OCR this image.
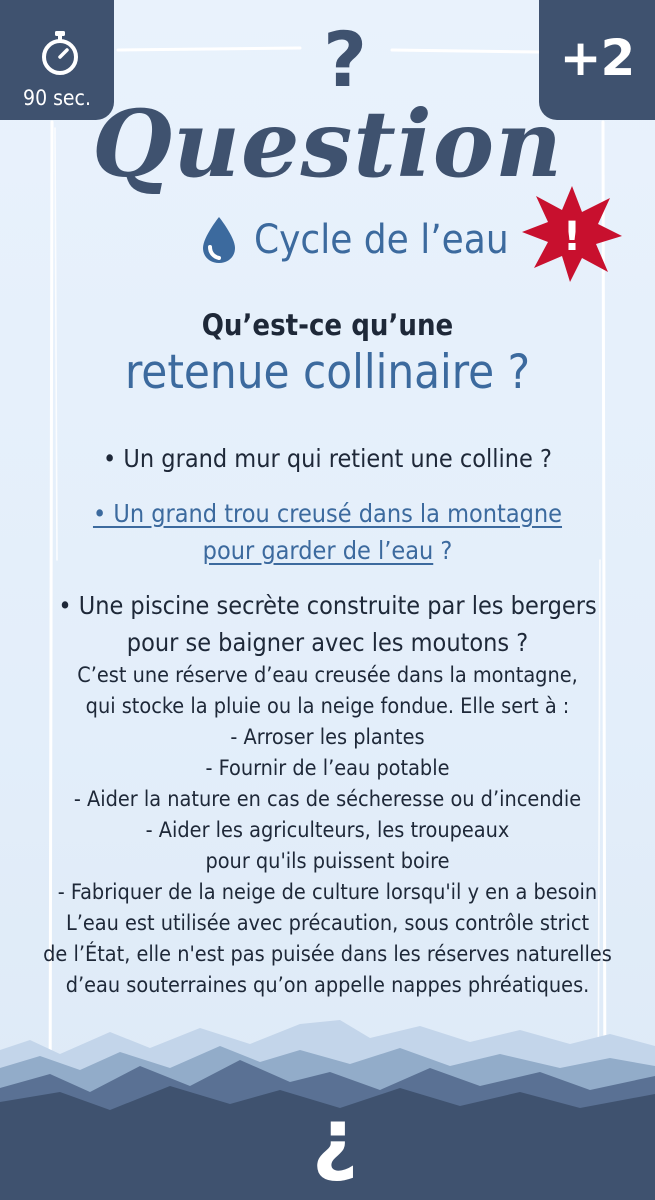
90 sec.
+2
?
Question
Cycle de l’eau !
Qu’est-ce qu’une
retenue collinaire ?
• Un grand mur qui retient une colline ?
• Un grand trou creusé dans la montagne
pour garder de l’eau ?
• Une piscine secrète construite par les bergers
pour se baigner avec les moutons ?
C’est une réserve d’eau creusée dans la montagne,
qui stocke la pluie ou la neige fondue. Elle sert à :
- Arroser les plantes
- Fournir de l’eau potable
- Aider la nature en cas de sécheresse ou d’incendie
- Aider les agriculteurs, les troupeaux
pour qu'ils puissent boire
- Fabriquer de la neige de culture lorsqu'il y en a besoin
L’eau est utilisée avec précaution, sous contrôle strict
de l’État, elle n'est pas puisée dans les réserves naturelles
d’eau souterraines qu’on appelle nappes phréatiques.
¿
